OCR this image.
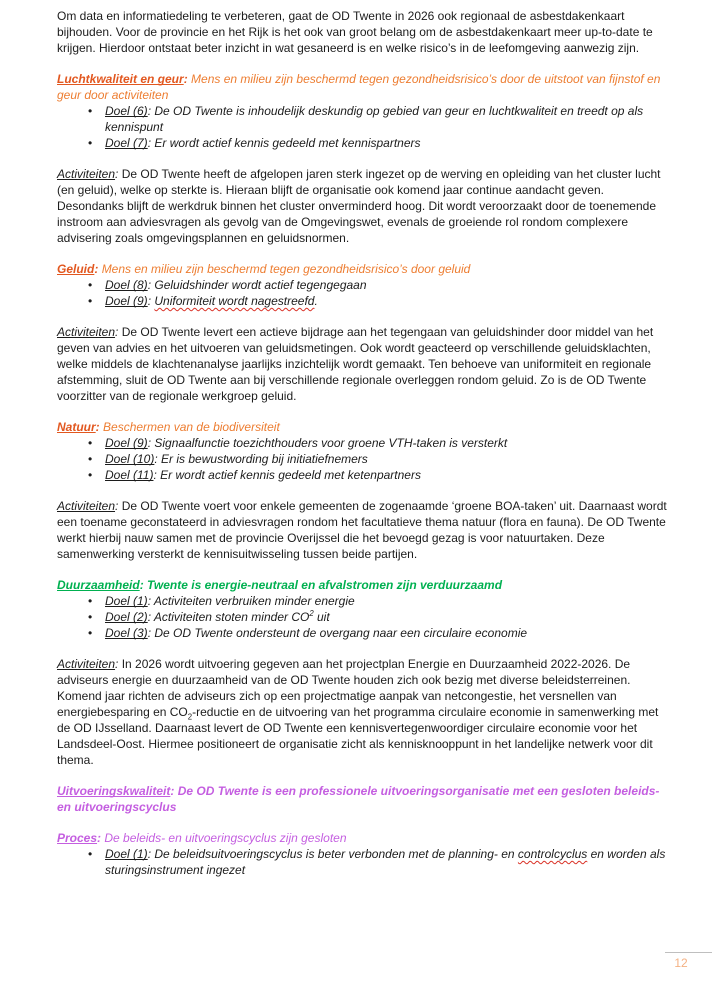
Om data en informatiedeling te verbeteren, gaat de OD Twente in 2026 ook regionaal de asbestdakenkaart bijhouden. Voor de provincie en het Rijk is het ook van groot belang om de asbestdakenkaart meer up-to-date te krijgen. Hierdoor ontstaat beter inzicht in wat gesaneerd is en welke risico’s in de leefomgeving aanwezig zijn.

Luchtkwaliteit en geur: Mens en milieu zijn beschermd tegen gezondheidsrisico’s door de uitstoot van fijnstof en geur door activiteiten

• Doel (6): De OD Twente is inhoudelijk deskundig op gebied van geur en luchtkwaliteit en treedt op als kennispunt
• Doel (7): Er wordt actief kennis gedeeld met kennispartners

Activiteiten: De OD Twente heeft de afgelopen jaren sterk ingezet op de werving en opleiding van het cluster lucht (en geluid), welke op sterkte is. Hieraan blijft de organisatie ook komend jaar continue aandacht geven. Desondanks blijft de werkdruk binnen het cluster onverminderd hoog. Dit wordt veroorzaakt door de toenemende instroom aan adviesvragen als gevolg van de Omgevingswet, evenals de groeiende rol rondom complexere advisering zoals omgevingsplannen en geluidsnormen.

Geluid: Mens en milieu zijn beschermd tegen gezondheidsrisico’s door geluid

• Doel (8): Geluidshinder wordt actief tegengegaan
• Doel (9): Uniformiteit wordt nagestreefd.

Activiteiten: De OD Twente levert een actieve bijdrage aan het tegengaan van geluidshinder door middel van het geven van advies en het uitvoeren van geluidsmetingen. Ook wordt geacteerd op verschillende geluidsklachten, welke middels de klachtenanalyse jaarlijks inzichtelijk wordt gemaakt. Ten behoeve van uniformiteit en regionale afstemming, sluit de OD Twente aan bij verschillende regionale overleggen rondom geluid. Zo is de OD Twente voorzitter van de regionale werkgroep geluid.

Natuur: Beschermen van de biodiversiteit

• Doel (9): Signaalfunctie toezichthouders voor groene VTH-taken is versterkt
• Doel (10): Er is bewustwording bij initiatiefnemers
• Doel (11): Er wordt actief kennis gedeeld met ketenpartners

Activiteiten: De OD Twente voert voor enkele gemeenten de zogenaamde ‘groene BOA-taken’ uit. Daarnaast wordt een toename geconstateerd in adviesvragen rondom het facultatieve thema natuur (flora en fauna). De OD Twente werkt hierbij nauw samen met de provincie Overijssel die het bevoegd gezag is voor natuurtaken. Deze samenwerking versterkt de kennisuitwisseling tussen beide partijen.

Duurzaamheid: Twente is energie-neutraal en afvalstromen zijn verduurzaamd

• Doel (1): Activiteiten verbruiken minder energie
• Doel (2): Activiteiten stoten minder $CO^2$ uit
• Doel (3): De OD Twente ondersteunt de overgang naar een circulaire economie

Activiteiten: In 2026 wordt uitvoering gegeven aan het projectplan Energie en Duurzaamheid 2022-2026. De adviseurs energie en duurzaamheid van de OD Twente houden zich ook bezig met diverse beleidsterreinen. Komend jaar richten de adviseurs zich op een projectmatige aanpak van netcongestie, het versnellen van energiebesparing en $CO_2$-reductie en de uitvoering van het programma circulaire economie in samenwerking met de OD IJsselland. Daarnaast levert de OD Twente een kennisvertegenwoordiger circulaire economie voor het Landsdeel-Oost. Hiermee positioneert de organisatie zicht als kennisknooppunt in het landelijke netwerk voor dit thema.

Uitvoeringskwaliteit: De OD Twente is een professionele uitvoeringsorganisatie met een gesloten beleids- en uitvoeringscyclus

Proces: De beleids- en uitvoeringscyclus zijn gesloten

• Doel (1): De beleidsuitvoeringscyclus is beter verbonden met de planning- en controlcyclus en worden als sturingsinstrument ingezet
12
